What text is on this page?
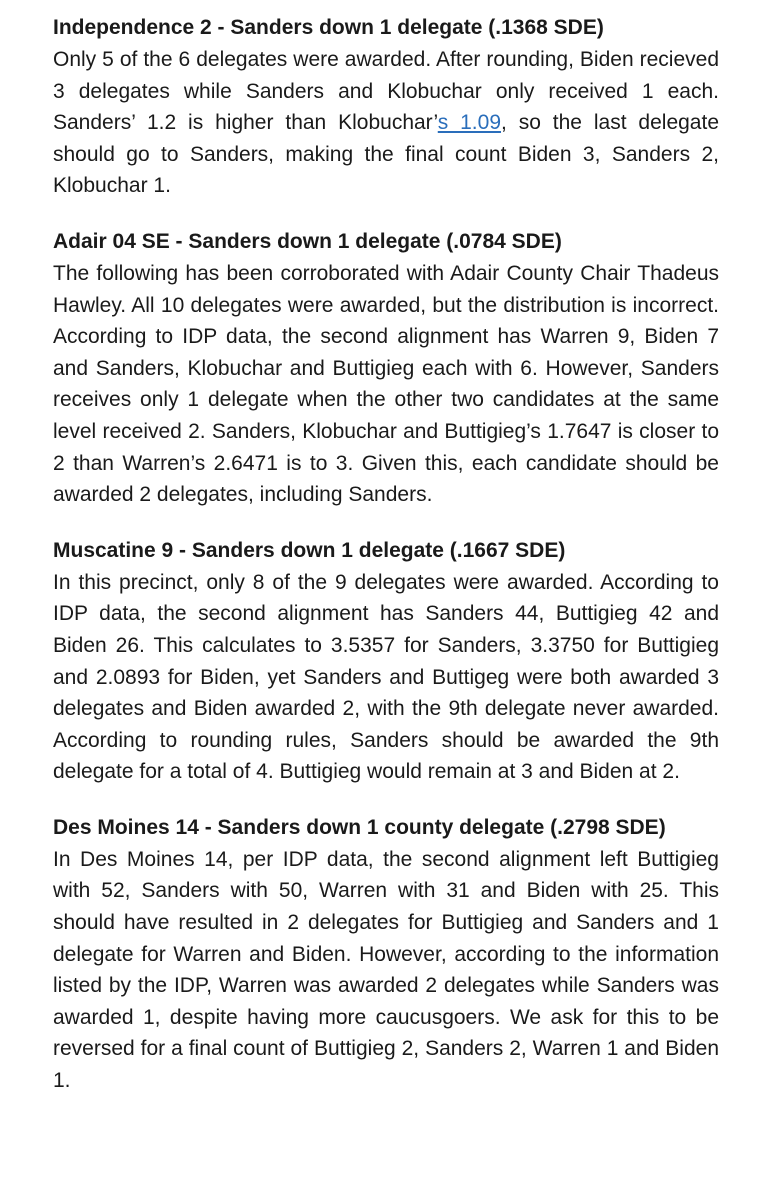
Independence 2 - Sanders down 1 delegate (.1368 SDE)

Only 5 of the 6 delegates were awarded. After rounding, Biden recieved 3 delegates while Sanders and Klobuchar only received 1 each. Sanders’ 1.2 is higher than Klobuchar’s 1.09, so the last delegate should go to Sanders, making the final count Biden 3, Sanders 2, Klobuchar 1.

Adair 04 SE - Sanders down 1 delegate (.0784 SDE)

The following has been corroborated with Adair County Chair Thadeus Hawley. All 10 delegates were awarded, but the distribution is incorrect. According to IDP data, the second alignment has Warren 9, Biden 7 and Sanders, Klobuchar and Buttigieg each with 6. However, Sanders receives only 1 delegate when the other two candidates at the same level received 2. Sanders, Klobuchar and Buttigieg’s 1.7647 is closer to 2 than Warren’s 2.6471 is to 3. Given this, each candidate should be awarded 2 delegates, including Sanders.

Muscatine 9 - Sanders down 1 delegate (.1667 SDE)

In this precinct, only 8 of the 9 delegates were awarded. According to IDP data, the second alignment has Sanders 44, Buttigieg 42 and Biden 26. This calculates to 3.5357 for Sanders, 3.3750 for Buttigieg and 2.0893 for Biden, yet Sanders and Buttigeg were both awarded 3 delegates and Biden awarded 2, with the 9th delegate never awarded. According to rounding rules, Sanders should be awarded the 9th delegate for a total of 4. Buttigieg would remain at 3 and Biden at 2.

Des Moines 14 - Sanders down 1 county delegate (.2798 SDE)

In Des Moines 14, per IDP data, the second alignment left Buttigieg with 52, Sanders with 50, Warren with 31 and Biden with 25. This should have resulted in 2 delegates for Buttigieg and Sanders and 1 delegate for Warren and Biden. However, according to the information listed by the IDP, Warren was awarded 2 delegates while Sanders was awarded 1, despite having more caucusgoers. We ask for this to be reversed for a final count of Buttigieg 2, Sanders 2, Warren 1 and Biden 1.
